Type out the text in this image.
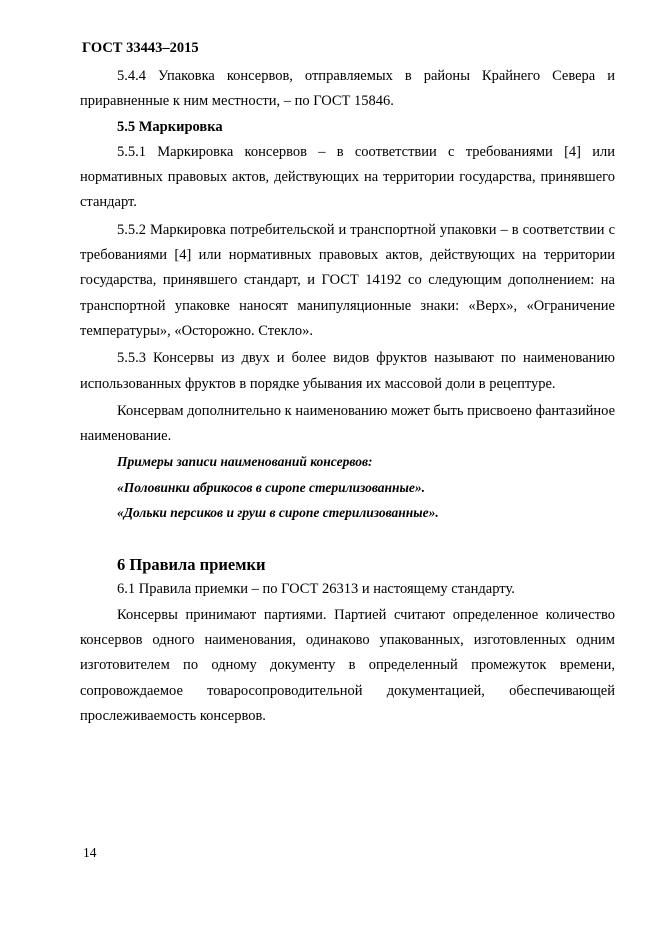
ГОСТ 33443–2015

5.4.4 Упаковка консервов, отправляемых в районы Крайнего Севера и приравненные к ним местности, – по ГОСТ 15846.

5.5 Маркировка

5.5.1 Маркировка консервов – в соответствии с требованиями [4] или нормативных правовых актов, действующих на территории государства, принявшего стандарт.

5.5.2 Маркировка потребительской и транспортной упаковки – в соответствии с требованиями [4] или нормативных правовых актов, действующих на территории государства, принявшего стандарт, и ГОСТ 14192 со следующим дополнением: на транспортной упаковке наносят манипуляционные знаки: «Верх», «Ограничение температуры», «Осторожно. Стекло».

5.5.3 Консервы из двух и более видов фруктов называют по наименованию использованных фруктов в порядке убывания их массовой доли в рецептуре.

Консервам дополнительно к наименованию может быть присвоено фантазийное наименование.

Примеры записи наименований консервов:

«Половинки абрикосов в сиропе стерилизованные».

«Дольки персиков и груш в сиропе стерилизованные».

6 Правила приемки

6.1 Правила приемки – по ГОСТ 26313 и настоящему стандарту.

Консервы принимают партиями. Партией считают определенное количество консервов одного наименования, одинаково упакованных, изготовленных одним изготовителем по одному документу в определенный промежуток времени, сопровождаемое товаросопроводительной документацией, обеспечивающей прослеживаемость консервов.

14
